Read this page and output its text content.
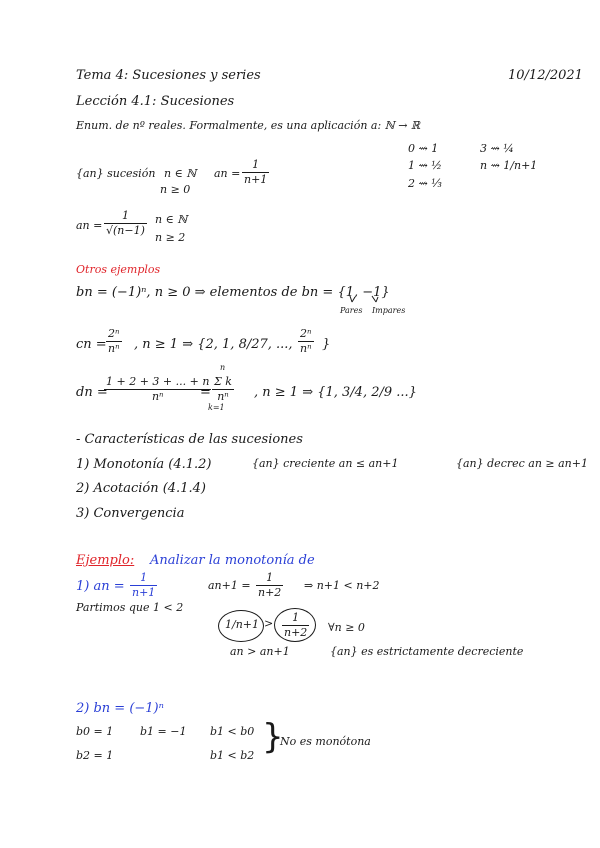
Tema 4: Sucesiones y series	10/12/2021
Lección 4.1: Sucesiones
Enum. de nº reales. Formalmente, es una aplicación a: ℕ → ℝ
0 ⇝ 1
1 ⇝ ½
2 ⇝ ⅓
3 ⇝ ¼
n ⇝ 1/n+1
{an} sucesión n ∈ ℕ
n ≥ 0
an =
1
n+1
an =
1
√(n−1)
n ∈ ℕ
n ≥ 2
Otros ejemplos
bn = (−1)ⁿ, n ≥ 0 ⇒ elementos de bn = {1, −1}
Pares Impares
cn =
2ⁿ
nⁿ , n ≥ 1 ⇒ {2, 1, 8/27, ...,
2ⁿ
nⁿ }
dn =
1 + 2 + 3 + ... + n
nⁿ	=
n
Σ k
nⁿ
k=1
, n ≥ 1 ⇒ {1, 3/4, 2/9 ...}
- Características de las sucesiones
1) Monotonía (4.1.2)	{an} creciente an ≤ an+1	{an} decrec an ≥ an+1
2) Acotación (4.1.4)
3) Convergencia
Ejemplo: Analizar la monotonía de
1) an =
1
n+1
an+1 =
1
n+2
⇒ n+1 < n+2
Partimos que 1 < 2
1/n+1 > 1
n+2 ∀n ≥ 0
an > an+1	{an} es estrictamente decreciente
2) bn = (−1)ⁿ
b0 = 1 b1 = −1
b2 = 1
b1 < b0
b1 < b2 }
No es monótona
